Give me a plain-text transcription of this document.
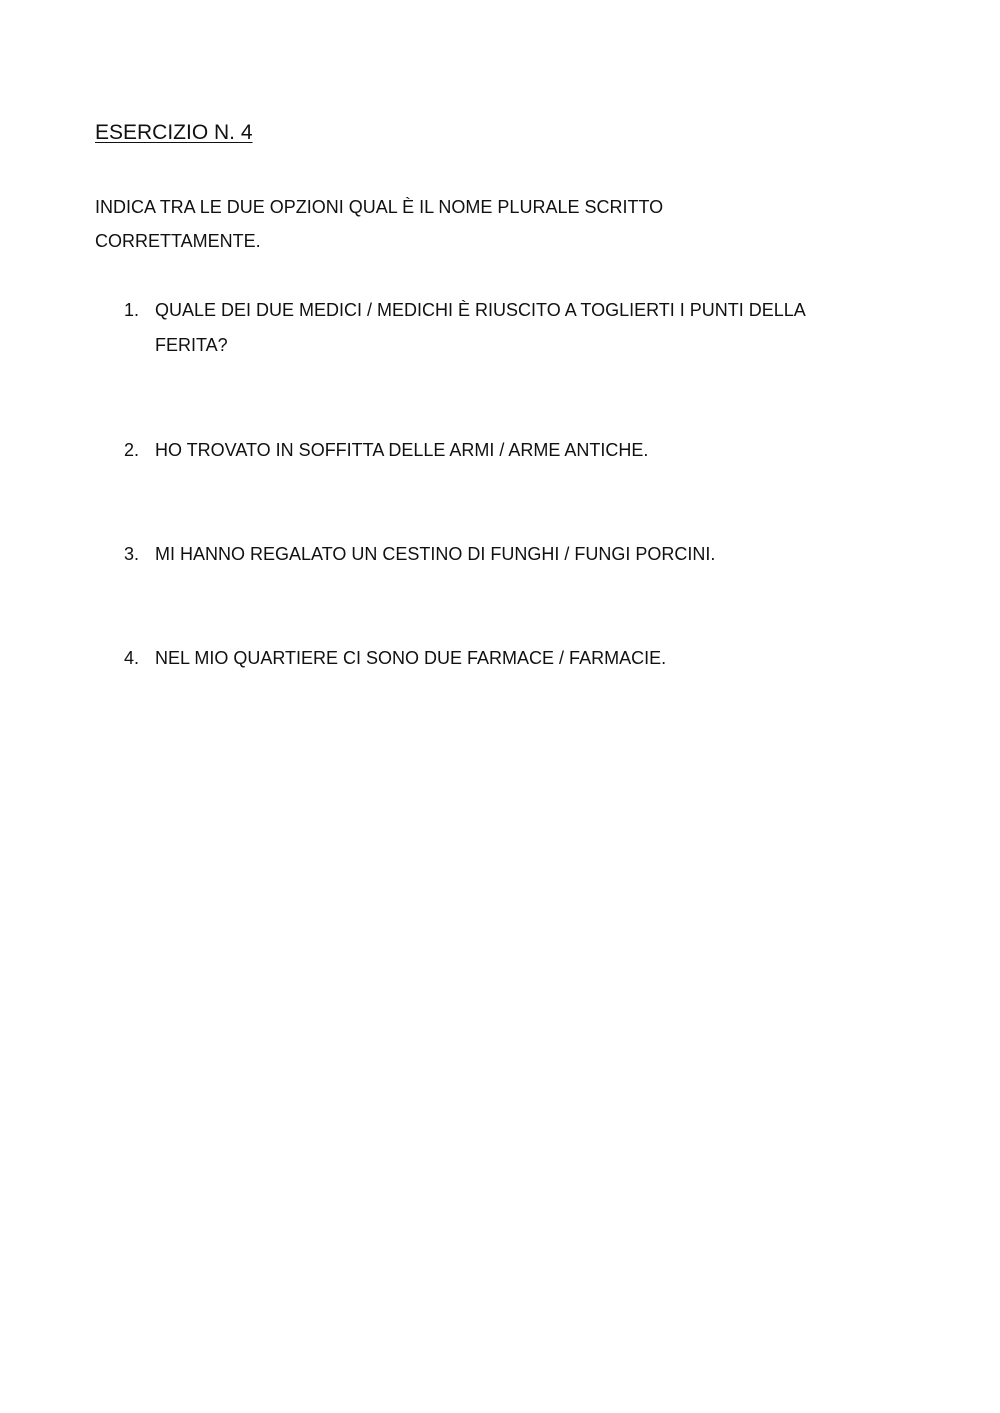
ESERCIZIO N. 4

INDICA TRA LE DUE OPZIONI QUAL È IL NOME PLURALE SCRITTO
CORRETTAMENTE.

1. QUALE DEI DUE MEDICI / MEDICHI È RIUSCITO A TOGLIERTI I PUNTI DELLA
FERITA?
2. HO TROVATO IN SOFFITTA DELLE ARMI / ARME ANTICHE.
3. MI HANNO REGALATO UN CESTINO DI FUNGHI / FUNGI PORCINI.
4. NEL MIO QUARTIERE CI SONO DUE FARMACE / FARMACIE.
